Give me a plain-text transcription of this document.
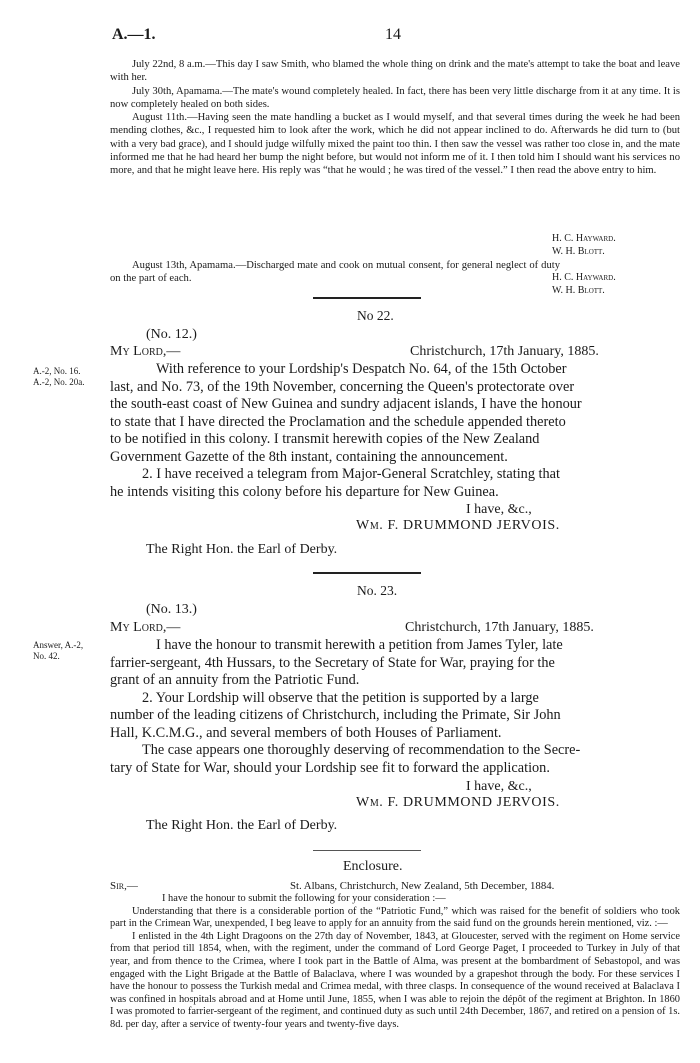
A.—1.	14

July 22nd, 8 a.m.—This day I saw Smith, who blamed the whole thing on drink and the mate's attempt to take the boat and leave with her.

July 30th, Apamama.—The mate's wound completely healed. In fact, there has been very little discharge from it at any time. It is now completely healed on both sides.

August 11th.—Having seen the mate handling a bucket as I would myself, and that several times during the week he had been mending clothes, &c., I requested him to look after the work, which he did not appear inclined to do. Afterwards he did turn to (but with a very bad grace), and I should judge wilfully mixed the paint too thin. I then saw the vessel was rather too close in, and the mate informed me that he had heard her bump the night before, but would not inform me of it. I then told him I should want his services no more, and that he might leave here. His reply was “that he would ; he was tired of the vessel.” I then read the above entry to him.

H. C. Hayward.
W. H. Blott.

August 13th, Apamama.—Discharged mate and cook on mutual consent, for general neglect of duty on the part of each.	H. C. Hayward.
W. H. Blott.
No 22.
(No. 12.)
My Lord,—	Christchurch, 17th January, 1885.
A.-2, No. 16.
A.-2, No. 20a.
With reference to your Lordship's Despatch No. 64, of the 15th October
last, and No. 73, of the 19th November, concerning the Queen's protectorate over
the south-east coast of New Guinea and sundry adjacent islands, I have the honour
to state that I have directed the Proclamation and the schedule appended thereto
to be notified in this colony. I transmit herewith copies of the New Zealand
Government Gazette of the 8th instant, containing the announcement.
2. I have received a telegram from Major-General Scratchley, stating that
he intends visiting this colony before his departure for New Guinea.
I have, &c.,
Wm. F. DRUMMOND JERVOIS.
The Right Hon. the Earl of Derby.
No. 23.
(No. 13.)
My Lord,—	Christchurch, 17th January, 1885.
Answer, A.-2,
No. 42.
I have the honour to transmit herewith a petition from James Tyler, late
farrier-sergeant, 4th Hussars, to the Secretary of State for War, praying for the
grant of an annuity from the Patriotic Fund.
2. Your Lordship will observe that the petition is supported by a large
number of the leading citizens of Christchurch, including the Primate, Sir John
Hall, K.C.M.G., and several members of both Houses of Parliament.
The case appears one thoroughly deserving of recommendation to the Secre-
tary of State for War, should your Lordship see fit to forward the application.
I have, &c.,
Wm. F. DRUMMOND JERVOIS.
The Right Hon. the Earl of Derby.
Enclosure.
Sir,—	St. Albans, Christchurch, New Zealand, 5th December, 1884.

I have the honour to submit the following for your consideration :—

Understanding that there is a considerable portion of the “Patriotic Fund,” which was raised for the benefit of soldiers who took part in the Crimean War, unexpended, I beg leave to apply for an annuity from the said fund on the grounds herein mentioned, viz. :—

I enlisted in the 4th Light Dragoons on the 27th day of November, 1843, at Gloucester, served with the regiment on Home service from that period till 1854, when, with the regiment, under the command of Lord George Paget, I proceeded to Turkey in July of that year, and from thence to the Crimea, where I took part in the Battle of Alma, was present at the bombardment of Sebastopol, and was engaged with the Light Brigade at the Battle of Balaclava, where I was wounded by a grapeshot through the body. For these services I have the honour to possess the Turkish medal and Crimea medal, with three clasps. In consequence of the wound received at Balaclava I was confined in hospitals abroad and at Home until June, 1855, when I was able to rejoin the dépôt of the regiment at Brighton. In 1860 I was promoted to farrier-sergeant of the regiment, and continued duty as such until 24th December, 1867, and retired on a pension of 1s. 8d. per day, after a service of twenty-four years and twenty-five days.
